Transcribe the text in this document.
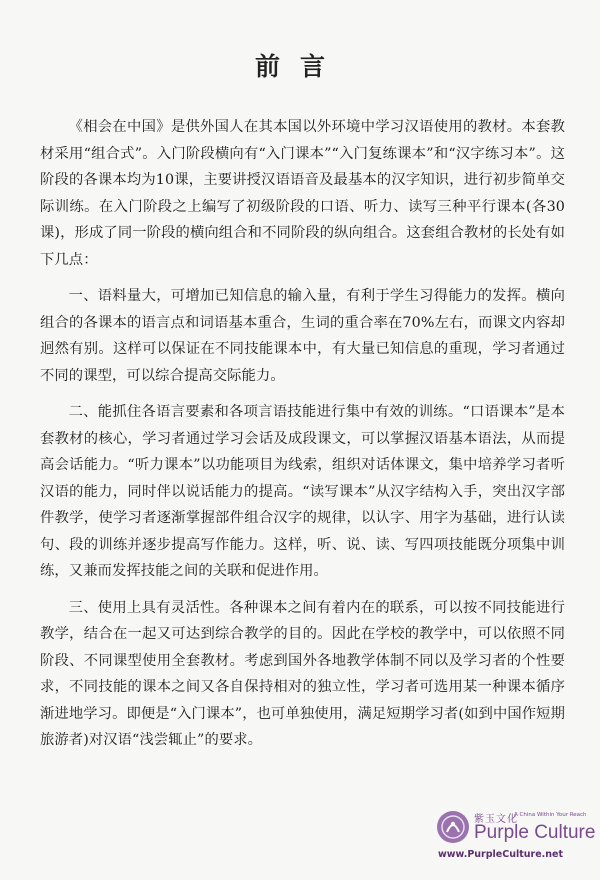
前言

《相会在中国》是供外国人在其本国以外环境中学习汉语使用的教材。本套教材采用“组合式”。入门阶段横向有“入门课本”“入门复练课本”和“汉字练习本”。这阶段的各课本均为10课，主要讲授汉语语音及最基本的汉字知识，进行初步简单交际训练。在入门阶段之上编写了初级阶段的口语、听力、读写三种平行课本(各30课)，形成了同一阶段的横向组合和不同阶段的纵向组合。这套组合教材的长处有如下几点：

一、语料量大，可增加已知信息的输入量，有利于学生习得能力的发挥。横向组合的各课本的语言点和词语基本重合，生词的重合率在70%左右，而课文内容却迥然有别。这样可以保证在不同技能课本中，有大量已知信息的重现，学习者通过不同的课型，可以综合提高交际能力。

二、能抓住各语言要素和各项言语技能进行集中有效的训练。“口语课本”是本套教材的核心，学习者通过学习会话及成段课文，可以掌握汉语基本语法，从而提高会话能力。“听力课本”以功能项目为线索，组织对话体课文，集中培养学习者听汉语的能力，同时伴以说话能力的提高。“读写课本”从汉字结构入手，突出汉字部件教学，使学习者逐渐掌握部件组合汉字的规律，以认字、用字为基础，进行认读句、段的训练并逐步提高写作能力。这样，听、说、读、写四项技能既分项集中训练，又兼而发挥技能之间的关联和促进作用。

三、使用上具有灵活性。各种课本之间有着内在的联系，可以按不同技能进行教学，结合在一起又可达到综合教学的目的。因此在学校的教学中，可以依照不同阶段、不同课型使用全套教材。考虑到国外各地教学体制不同以及学习者的个性要求，不同技能的课本之间又各自保持相对的独立性，学习者可选用某一种课本循序渐进地学习。即便是“入门课本”，也可单独使用，满足短期学习者(如到中国作短期旅游者)对汉语“浅尝辄止”的要求。

紫玉文化
A China Within Your Reach
Purple Culture
www.PurpleCulture.net
